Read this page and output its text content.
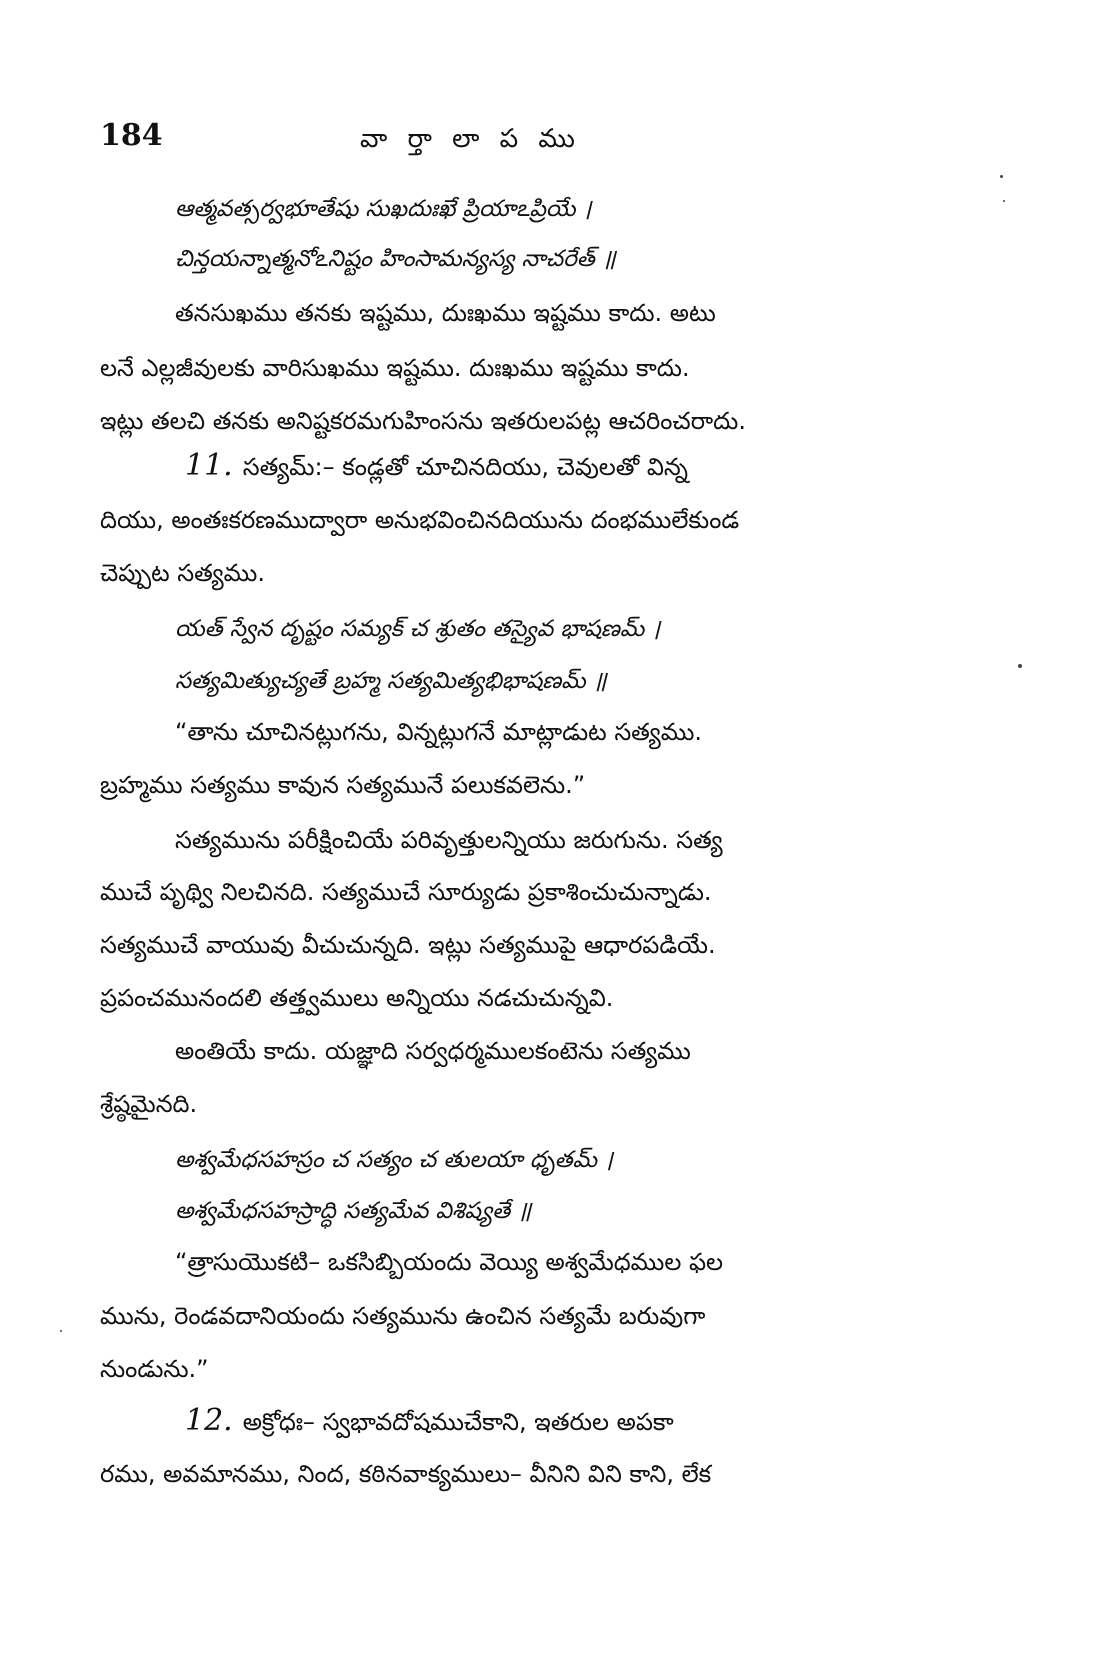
184	వా ర్తా లా ప ము
ఆత్మవత్సర్వభూతేషు సుఖదుఃఖే ప్రియాఽప్రియే ।
చిన్తయన్నాత్మనోఽనిష్టం హింసామన్యస్య నాచరేత్ ॥
తనసుఖము తనకు ఇష్టము, దుఃఖము ఇష్టము కాదు. అటు
లనే ఎల్లజీవులకు వారిసుఖము ఇష్టము. దుఃఖము ఇష్టము కాదు.
ఇట్లు తలచి తనకు అనిష్టకరమగుహింసను ఇతరులపట్ల ఆచరించరాదు.
11. సత్యమ్:– కండ్లతో చూచినదియు, చెవులతో విన్న
దియు, అంతఃకరణముద్వారా అనుభవించినదియును దంభములేకుండ
చెప్పుట సత్యము.
యత్ స్వేన దృష్టం సమ్యక్ చ శ్రుతం తస్యైవ భాషణమ్ ।
సత్యమిత్యుచ్యతే బ్రహ్మ సత్యమిత్యభిభాషణమ్ ॥
“తాను చూచినట్లుగను, విన్నట్లుగనే మాట్లాడుట సత్యము.
బ్రహ్మము సత్యము కావున సత్యమునే పలుకవలెను.”
సత్యమును పరీక్షించియే పరివృత్తులన్నియు జరుగును. సత్య
ముచే పృథ్వి నిలచినది. సత్యముచే సూర్యుడు ప్రకాశించుచున్నాడు.
సత్యముచే వాయువు వీచుచున్నది. ఇట్లు సత్యముపై ఆధారపడియే.
ప్రపంచమునందలి తత్త్వములు అన్నియు నడచుచున్నవి.
అంతియే కాదు. యజ్ఞాది సర్వధర్మములకంటెను సత్యము
శ్రేష్ఠమైనది.
అశ్వమేధసహస్రం చ సత్యం చ తులయా ధృతమ్ ।
అశ్వమేధసహస్రాద్ధి సత్యమేవ విశిష్యతే ॥
“త్రాసుయొకటి– ఒకసిబ్బియందు వెయ్యి అశ్వమేధముల ఫల
మును, రెండవదానియందు సత్యమును ఉంచిన సత్యమే బరువుగా
నుండును.”
12. అక్రోధః– స్వభావదోషముచేకాని, ఇతరుల అపకా
రము, అవమానము, నింద, కఠినవాక్యములు– వీనిని విని కాని, లేక
